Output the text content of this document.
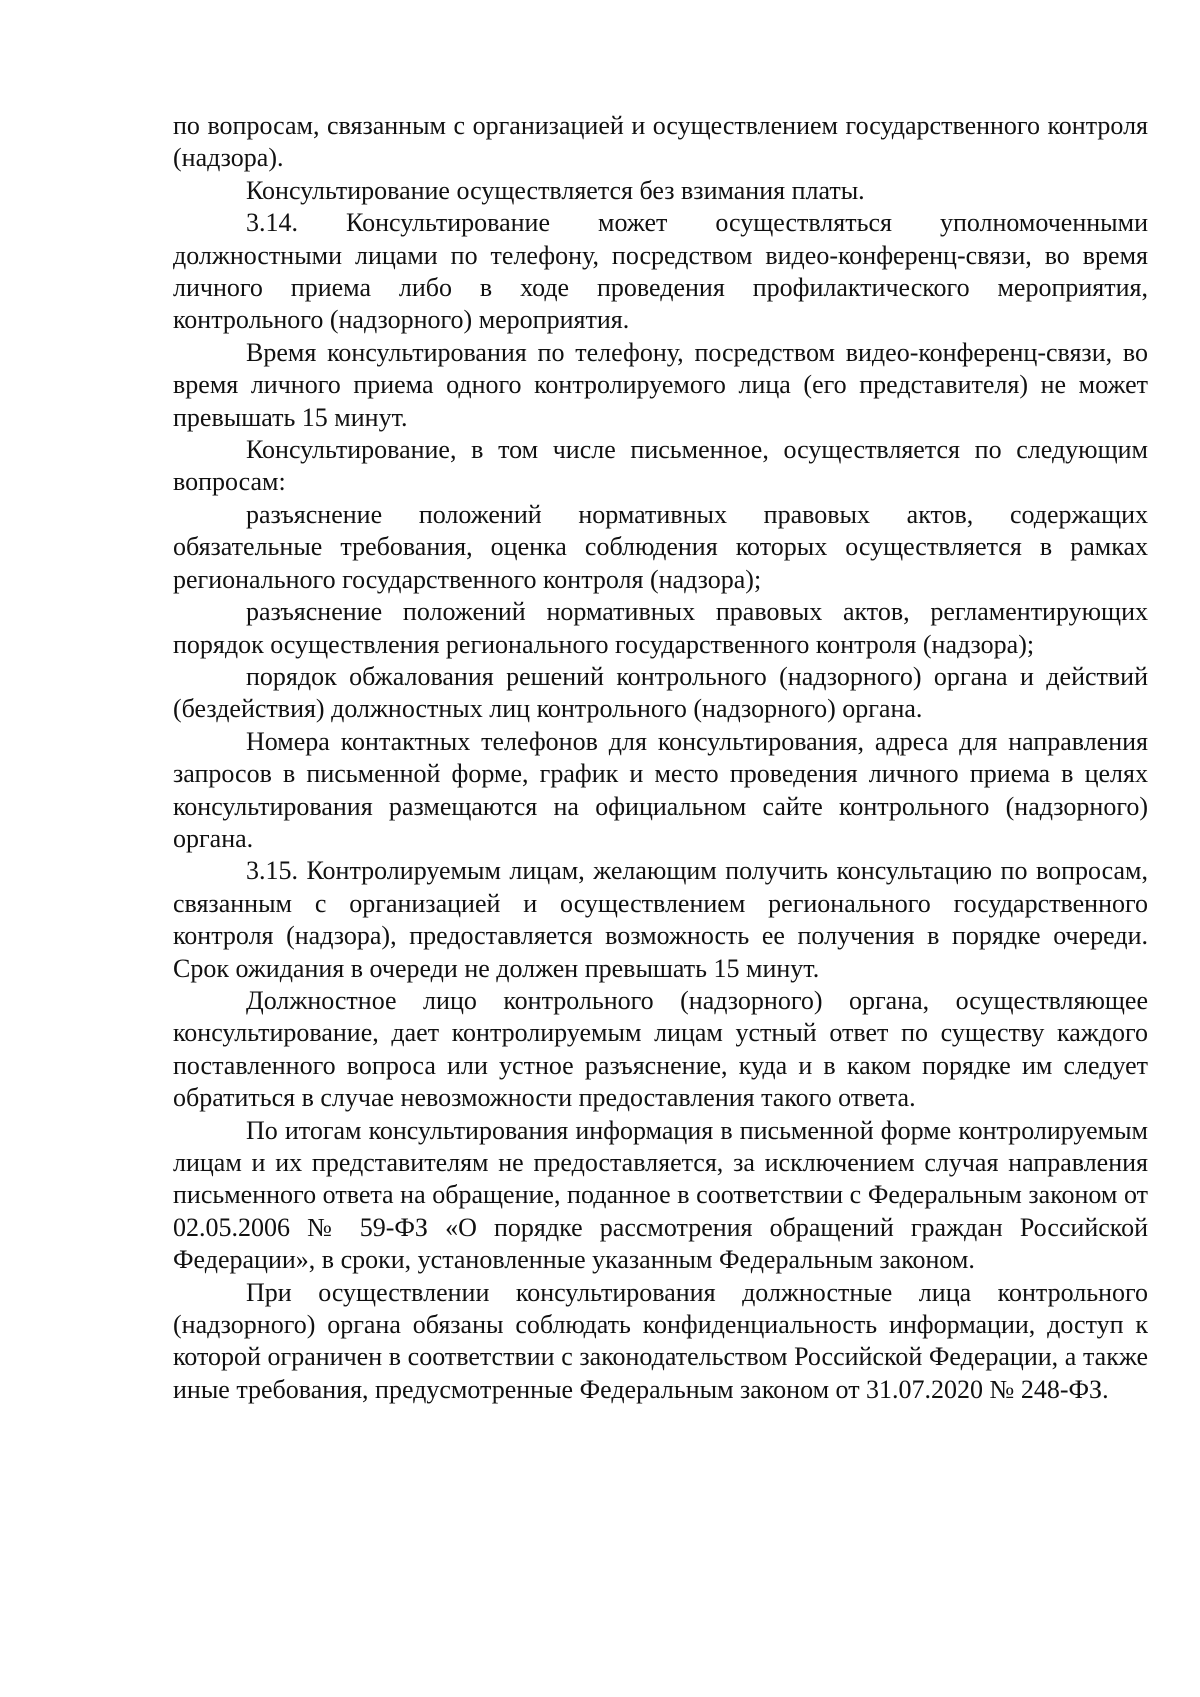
по вопросам, связанным с организацией и осуществлением государственного контроля (надзора).

Консультирование осуществляется без взимания платы.

3.14. Консультирование может осуществляться уполномоченными должностными лицами по телефону, посредством видео-конференц-связи, во время личного приема либо в ходе проведения профилактического мероприятия, контрольного (надзорного) мероприятия.

Время консультирования по телефону, посредством видео-конференц-связи, во время личного приема одного контролируемого лица (его представителя) не может превышать 15 минут.

Консультирование, в том числе письменное, осуществляется по следующим вопросам:

разъяснение положений нормативных правовых актов, содержащих обязательные требования, оценка соблюдения которых осуществляется в рамках регионального государственного контроля (надзора);

разъяснение положений нормативных правовых актов, регламентирующих порядок осуществления регионального государственного контроля (надзора);

порядок обжалования решений контрольного (надзорного) органа и действий (бездействия) должностных лиц контрольного (надзорного) органа.

Номера контактных телефонов для консультирования, адреса для направления запросов в письменной форме, график и место проведения личного приема в целях консультирования размещаются на официальном сайте контрольного (надзорного) органа.

3.15. Контролируемым лицам, желающим получить консультацию по вопросам, связанным с организацией и осуществлением регионального государственного контроля (надзора), предоставляется возможность ее получения в порядке очереди. Срок ожидания в очереди не должен превышать 15 минут.

Должностное лицо контрольного (надзорного) органа, осуществляющее консультирование, дает контролируемым лицам устный ответ по существу каждого поставленного вопроса или устное разъяснение, куда и в каком порядке им следует обратиться в случае невозможности предоставления такого ответа.

По итогам консультирования информация в письменной форме контролируемым лицам и их представителям не предоставляется, за исключением случая направления письменного ответа на обращение, поданное в соответствии с Федеральным законом от 02.05.2006 № 59-ФЗ «О порядке рассмотрения обращений граждан Российской Федерации», в сроки, установленные указанным Федеральным законом.

При осуществлении консультирования должностные лица контрольного (надзорного) органа обязаны соблюдать конфиденциальность информации, доступ к которой ограничен в соответствии с законодательством Российской Федерации, а также иные требования, предусмотренные Федеральным законом от 31.07.2020 № 248-ФЗ.
